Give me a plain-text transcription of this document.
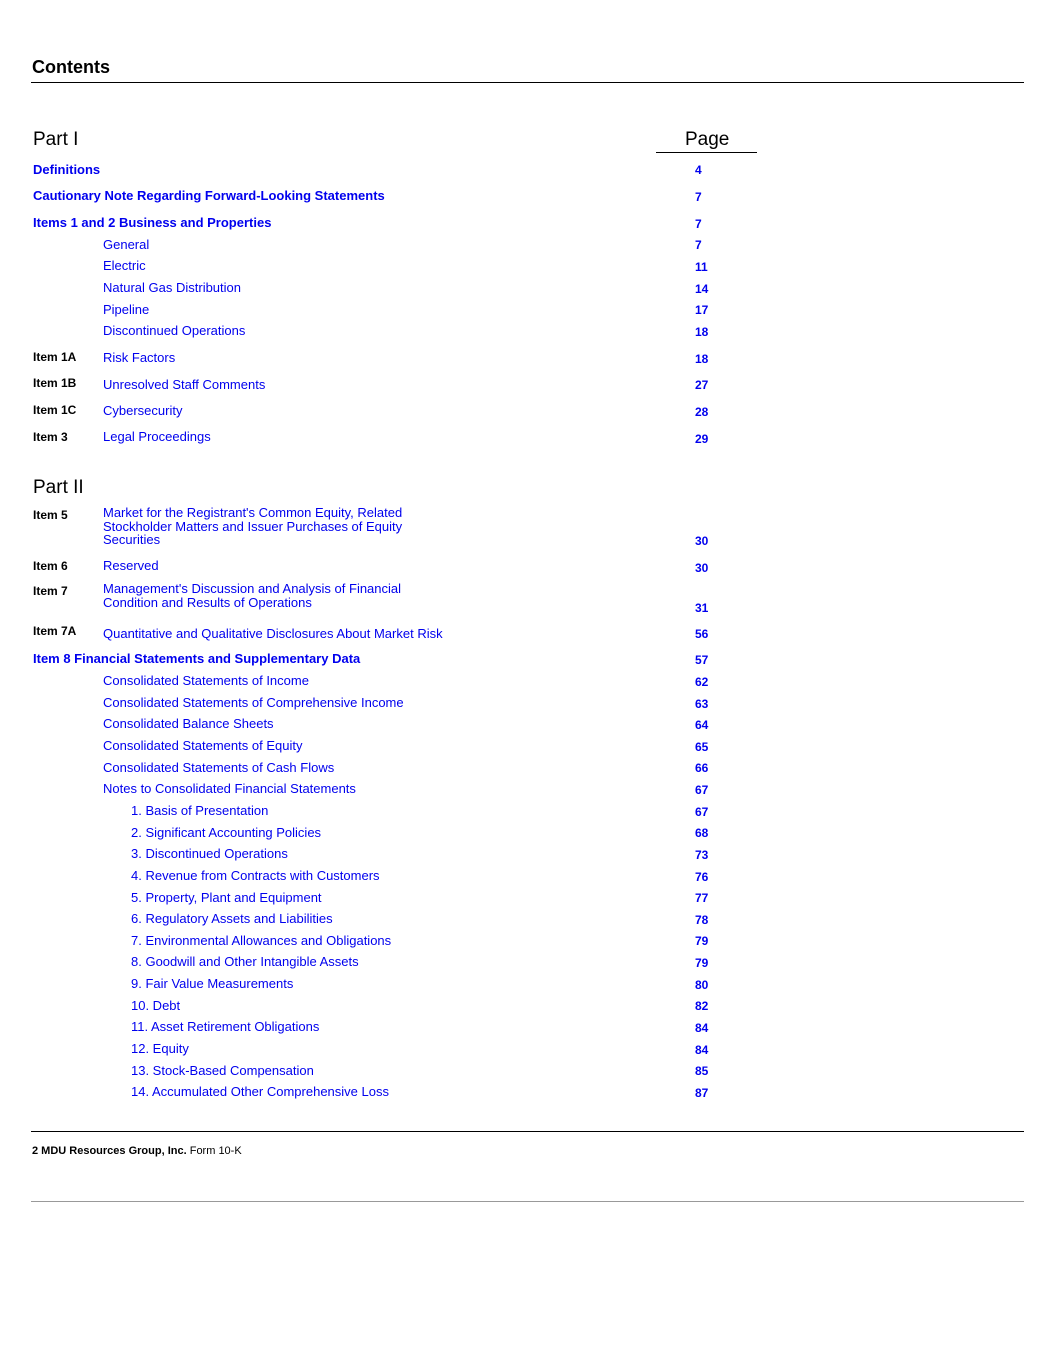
Contents
Part I	Page
Definitions	4
Cautionary Note Regarding Forward-Looking Statements	7
Items 1 and 2 Business and Properties	7
General	7
Electric	11
Natural Gas Distribution	14
Pipeline	17
Discontinued Operations	18
Item 1A Risk Factors	18
Item 1B Unresolved Staff Comments	27
Item 1C Cybersecurity	28
Item 3	Legal Proceedings	29
Part II
Item 5	Market for the Registrant's Common Equity, Related Stockholder Matters and Issuer Purchases of Equity Securities	30
Item 6	Reserved	30
Item 7	Management's Discussion and Analysis of Financial Condition and Results of Operations	31
Item 7A Quantitative and Qualitative Disclosures About Market Risk	56
Item 8 Financial Statements and Supplementary Data	57
Consolidated Statements of Income	62
Consolidated Statements of Comprehensive Income	63
Consolidated Balance Sheets	64
Consolidated Statements of Equity	65
Consolidated Statements of Cash Flows	66
Notes to Consolidated Financial Statements	67
1. Basis of Presentation	67
2. Significant Accounting Policies	68
3. Discontinued Operations	73
4. Revenue from Contracts with Customers	76
5. Property, Plant and Equipment	77
6. Regulatory Assets and Liabilities	78
7. Environmental Allowances and Obligations	79
8. Goodwill and Other Intangible Assets	79
9. Fair Value Measurements	80
10. Debt	82
11. Asset Retirement Obligations	84
12. Equity	84
13. Stock-Based Compensation	85
14. Accumulated Other Comprehensive Loss	87
2 MDU Resources Group, Inc. Form 10-K
